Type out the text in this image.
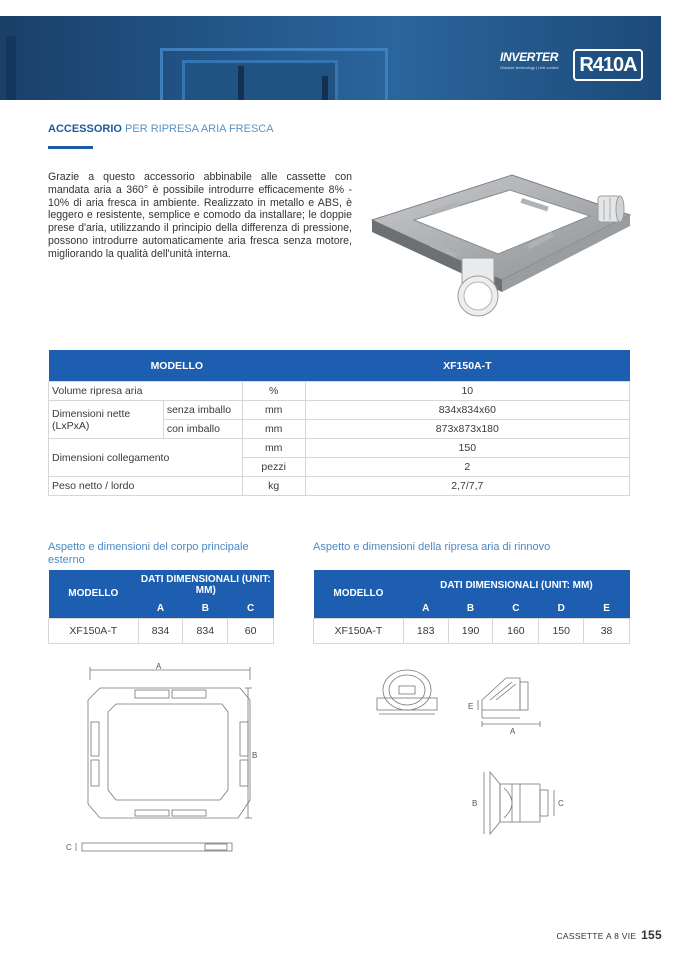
INVERTER
Outdoor technology | Unit control	R410A
ACCESSORIO PER RIPRESA ARIA FRESCA

Grazie a questo accessorio abbinabile alle cassette con mandata aria a 360° è possibile introdurre efficacemente 8% - 10% di aria fresca in ambiente. Realizzato in metallo e ABS, è leggero e resistente, semplice e comodo da installare; le doppie prese d'aria, utilizzando il principio della differenza di pressione, possono introdurre automaticamente aria fresca senza motore, migliorando la qualità dell'unità interna.

MODELLO			XF150A-T
Volume ripresa aria		%	10
Dimensioni nette (LxPxA)	senza imballo	mm	834x834x60
	con imballo	mm	873x873x180
Dimensioni collegamento		mm	150
		pezzi	2
Peso netto / lordo		kg	2,7/7,7
Aspetto e dimensioni del corpo principale esterno
Aspetto e dimensioni della ripresa aria di rinnovo
MODELLO	DATI DIMENSIONALI (UNIT: MM)		
	A	B	C
XF150A-T	834	834	60
MODELLO	DATI DIMENSIONALI (UNIT: MM)				
	A	B	C	D	E
XF150A-T	183	190	160	150	38
A
B
C
E
A
B	C
CASSETTE A 8 VIE 155
